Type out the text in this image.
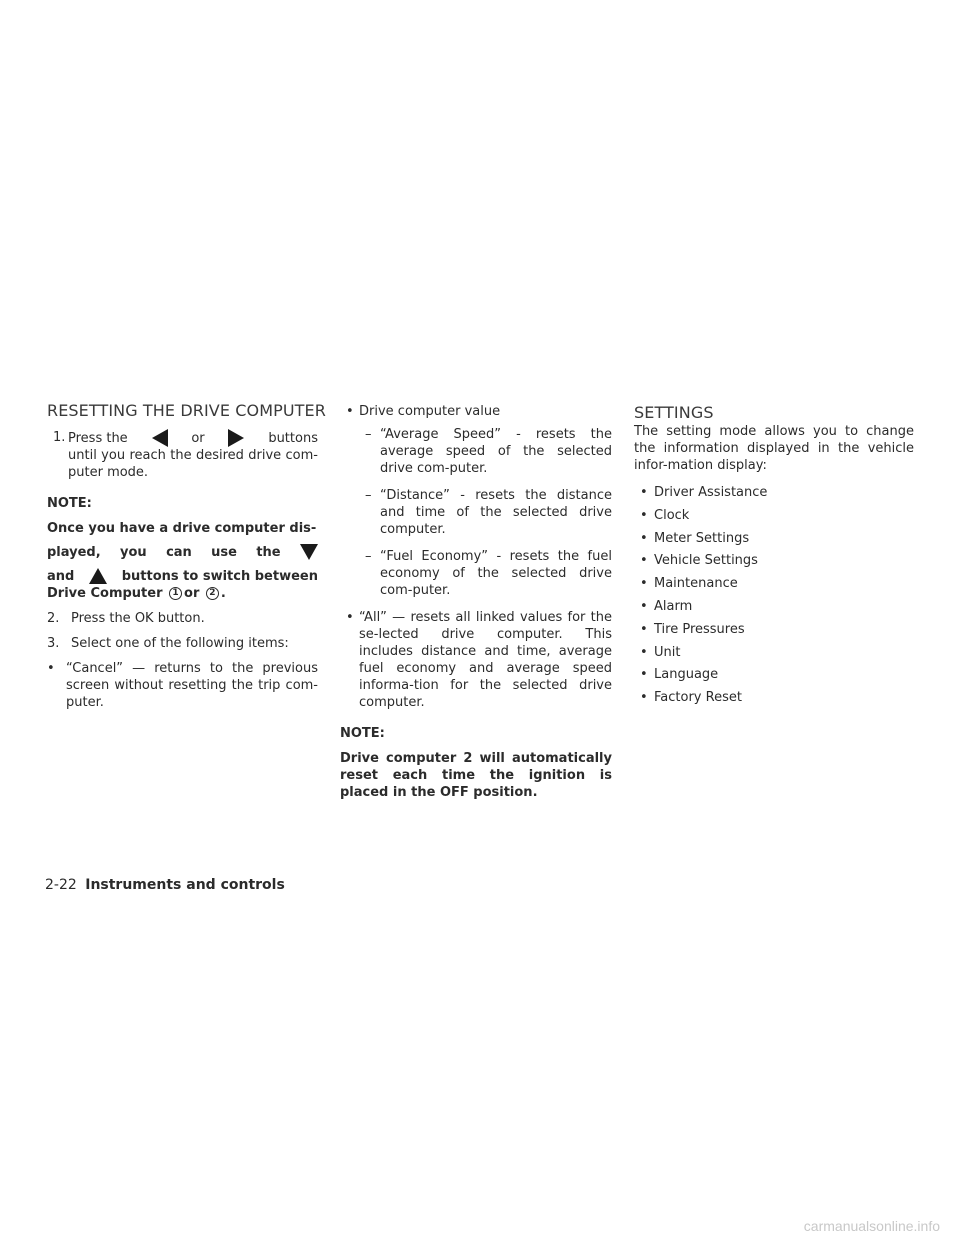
RESETTING THE DRIVE COMPUTER
1. Press the	or	buttons

until you reach the desired drive com-puter mode.

NOTE:

Once you have a drive computer dis-
played, you can use the
and	buttons to switch between
Drive Computer 1 or 2 .
2. Press the OK button.

3. Select one of the following items:

• “Cancel” — returns to the previous screen without resetting the trip com-puter.

• Drive computer value

– “Average Speed” - resets the average speed of the selected drive com-puter.

– “Distance” - resets the distance and time of the selected drive computer.

– “Fuel Economy” - resets the fuel economy of the selected drive com-puter.

• “All” — resets all linked values for the se-lected drive computer. This includes distance and time, average fuel economy and average speed informa-tion for the selected drive computer.

NOTE:

Drive computer 2 will automatically reset each time the ignition is placed in the OFF position.

SETTINGS

The setting mode allows you to change the information displayed in the vehicle infor-mation display:

• Driver Assistance
• Clock
• Meter Settings
• Vehicle Settings
• Maintenance
• Alarm
• Tire Pressures
• Unit
• Language
• Factory Reset
2-22 Instruments and controls
carmanualsonline.info
